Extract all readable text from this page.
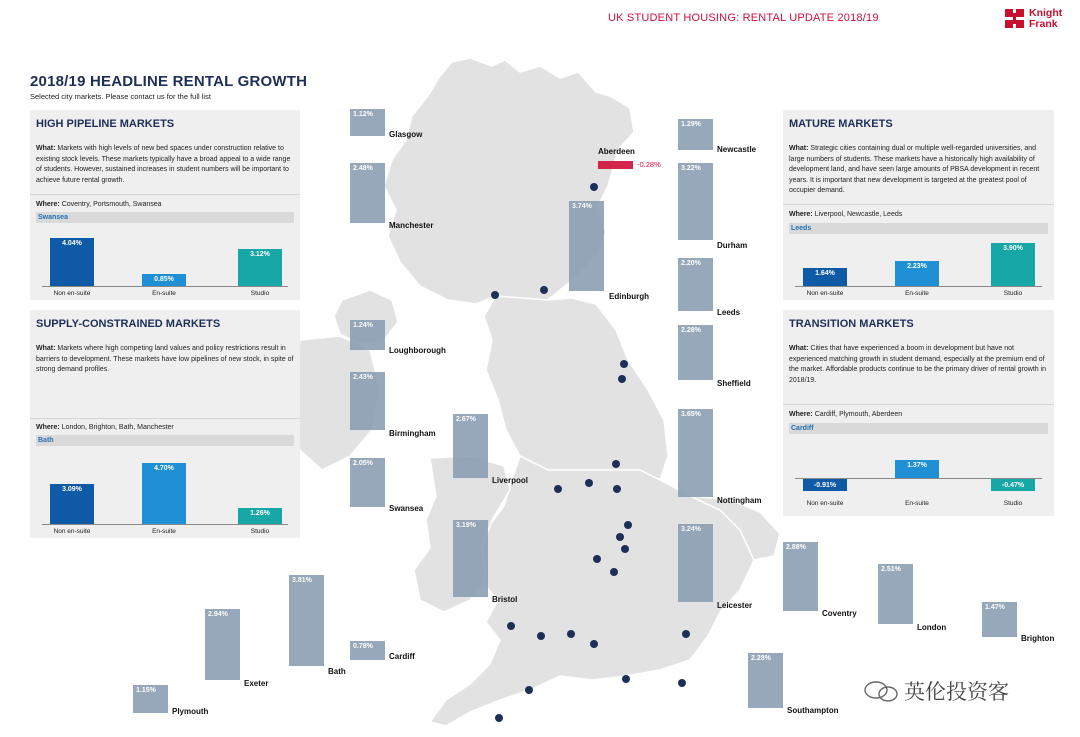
UK STUDENT HOUSING: RENTAL UPDATE 2018/19	Knight
Frank
2018/19 HEADLINE RENTAL GROWTH
Selected city markets. Please contact us for the full list
1.12%
Glasgow
-0.28%
Aberdeen
1.29%
Newcastle
2.48%
Manchester
3.74%
Edinburgh
3.22%
Durham
2.20%
Leeds
1.24%
Loughborough
2.28%
Sheffield
2.43%
Birmingham
2.67%
Liverpool
2.05%
Swansea
3.65%
Nottingham
3.19%
Bristol
3.24%
Leicester
2.88%
Coventry
2.51%
London
1.47%
Brighton
2.94%
Exeter
3.81%
Bath
0.78%
Cardiff
1.15%
Plymouth
2.28%
Southampton
HIGH PIPELINE MARKETS
What: Markets with high levels of new bed spaces under construction relative to existing stock levels. These markets typically have a broad appeal to a wide range of students. However, sustained increases in student numbers will be important to achieve future rental growth.
Where: Coventry, Portsmouth, Swansea
Swansea
4.04%
Non en-suite
0.85%
En-suite
3.12%
Studio
SUPPLY-CONSTRAINED MARKETS
What: Markets where high competing land values and policy restrictions result in barriers to development. These markets have low pipelines of new stock, in spite of strong demand profiles.
Where: London, Brighton, Bath, Manchester
Bath
3.09%
Non en-suite
4.70%
En-suite
1.26%
Studio
MATURE MARKETS
What: Strategic cities containing dual or multiple well-regarded universities, and large numbers of students. These markets have a historically high availability of development land, and have seen large amounts of PBSA development in recent years. It is important that new development is targeted at the greatest pool of occupier demand.
Where: Liverpool, Newcastle, Leeds
Leeds
1.64%
Non en-suite
2.23%
En-suite
3.90%
Studio
TRANSITION MARKETS
What: Cities that have experienced a boom in development but have not experienced matching growth in student demand, especially at the premium end of the market. Affordable products continue to be the primary driver of rental growth in 2018/19.
Where: Cardiff, Plymouth, Aberdeen
Cardiff
-0.91%
Non en-suite
1.37%
En-suite
-0.47%
Studio
英伦投资客
